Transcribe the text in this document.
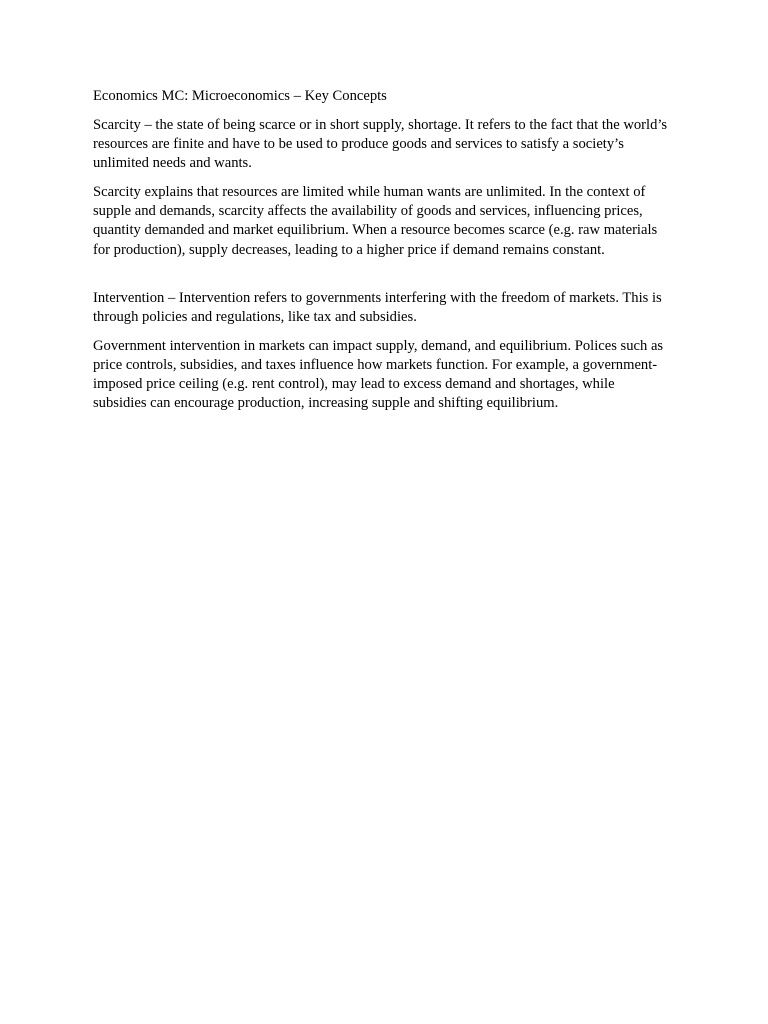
Economics MC: Microeconomics – Key Concepts

Scarcity – the state of being scarce or in short supply, shortage. It refers to the fact that the world’s resources are finite and have to be used to produce goods and services to satisfy a society’s unlimited needs and wants.

Scarcity explains that resources are limited while human wants are unlimited. In the context of supple and demands, scarcity affects the availability of goods and services, influencing prices, quantity demanded and market equilibrium. When a resource becomes scarce (e.g. raw materials for production), supply decreases, leading to a higher price if demand remains constant.

Intervention – Intervention refers to governments interfering with the freedom of markets. This is through policies and regulations, like tax and subsidies.

Government intervention in markets can impact supply, demand, and equilibrium. Polices such as price controls, subsidies, and taxes influence how markets function. For example, a government-imposed price ceiling (e.g. rent control), may lead to excess demand and shortages, while subsidies can encourage production, increasing supple and shifting equilibrium.
